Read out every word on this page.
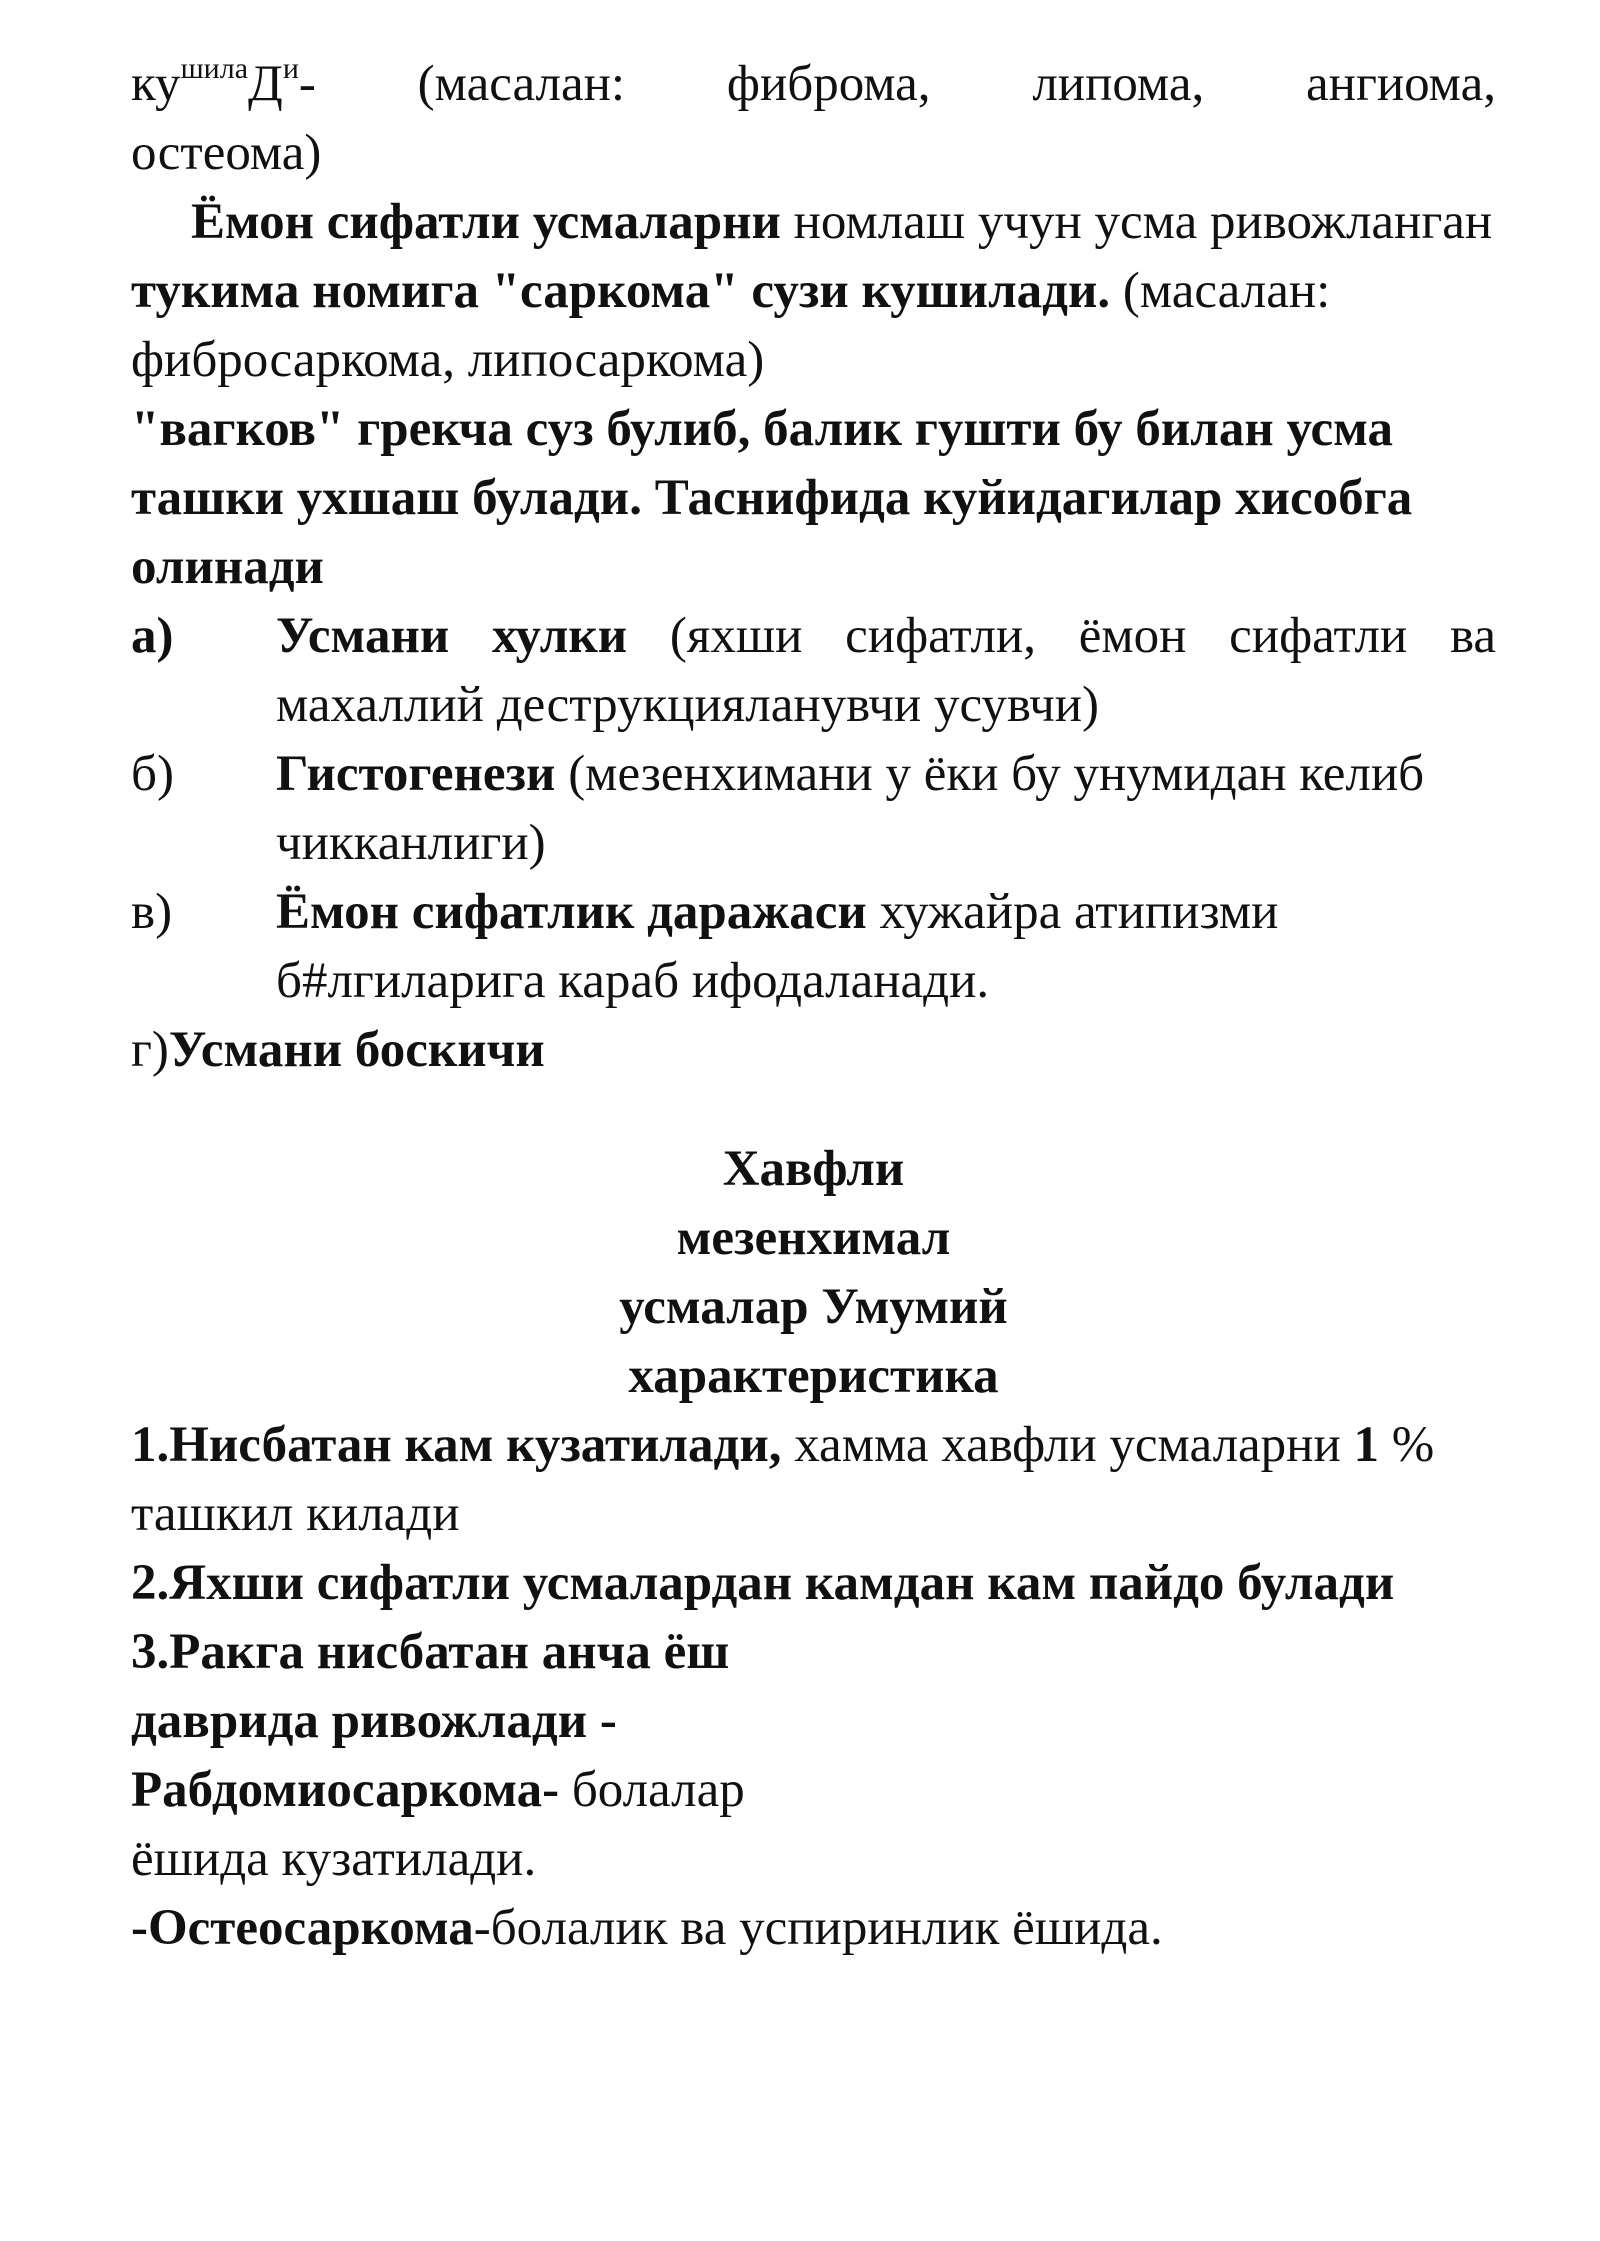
$ку^{шила}Д^и-$ (масалан: фиброма, липома, ангиома,
остеома)
Ёмон сифатли усмаларни номлаш учун усма ривожланган тукима номига "саркома" сузи кушилади. (масалан: фибросаркома, липосаркома)
"вагков" грекча суз булиб, балик гушти бу билан усма ташки ухшаш булади. Таснифида куйидагилар хисобга олинади
а)	Усмани хулки (яхши сифатли, ёмон сифатли ва махаллий деструкцияланувчи усувчи)
б)	Гистогенези (мезенхимани у ёки бу унумидан келиб чикканлиги)
в)	Ёмон сифатлик даражаси хужайра атипизми б#лгиларига караб ифодаланади.
г)Усмани боскичи
Хавфли
мезенхимал
усмалар Умумий
характеристика
1.Нисбатан кам кузатилади, хамма хавфли усмаларни 1 % ташкил килади
2.Яхши сифатли усмалардан камдан кам пайдо булади
3.Ракга нисбатан анча ёш
даврида ривожлади -
Рабдомиосаркома- болалар
ёшида кузатилади.
-Остеосаркома-болалик ва успиринлик ёшида.
